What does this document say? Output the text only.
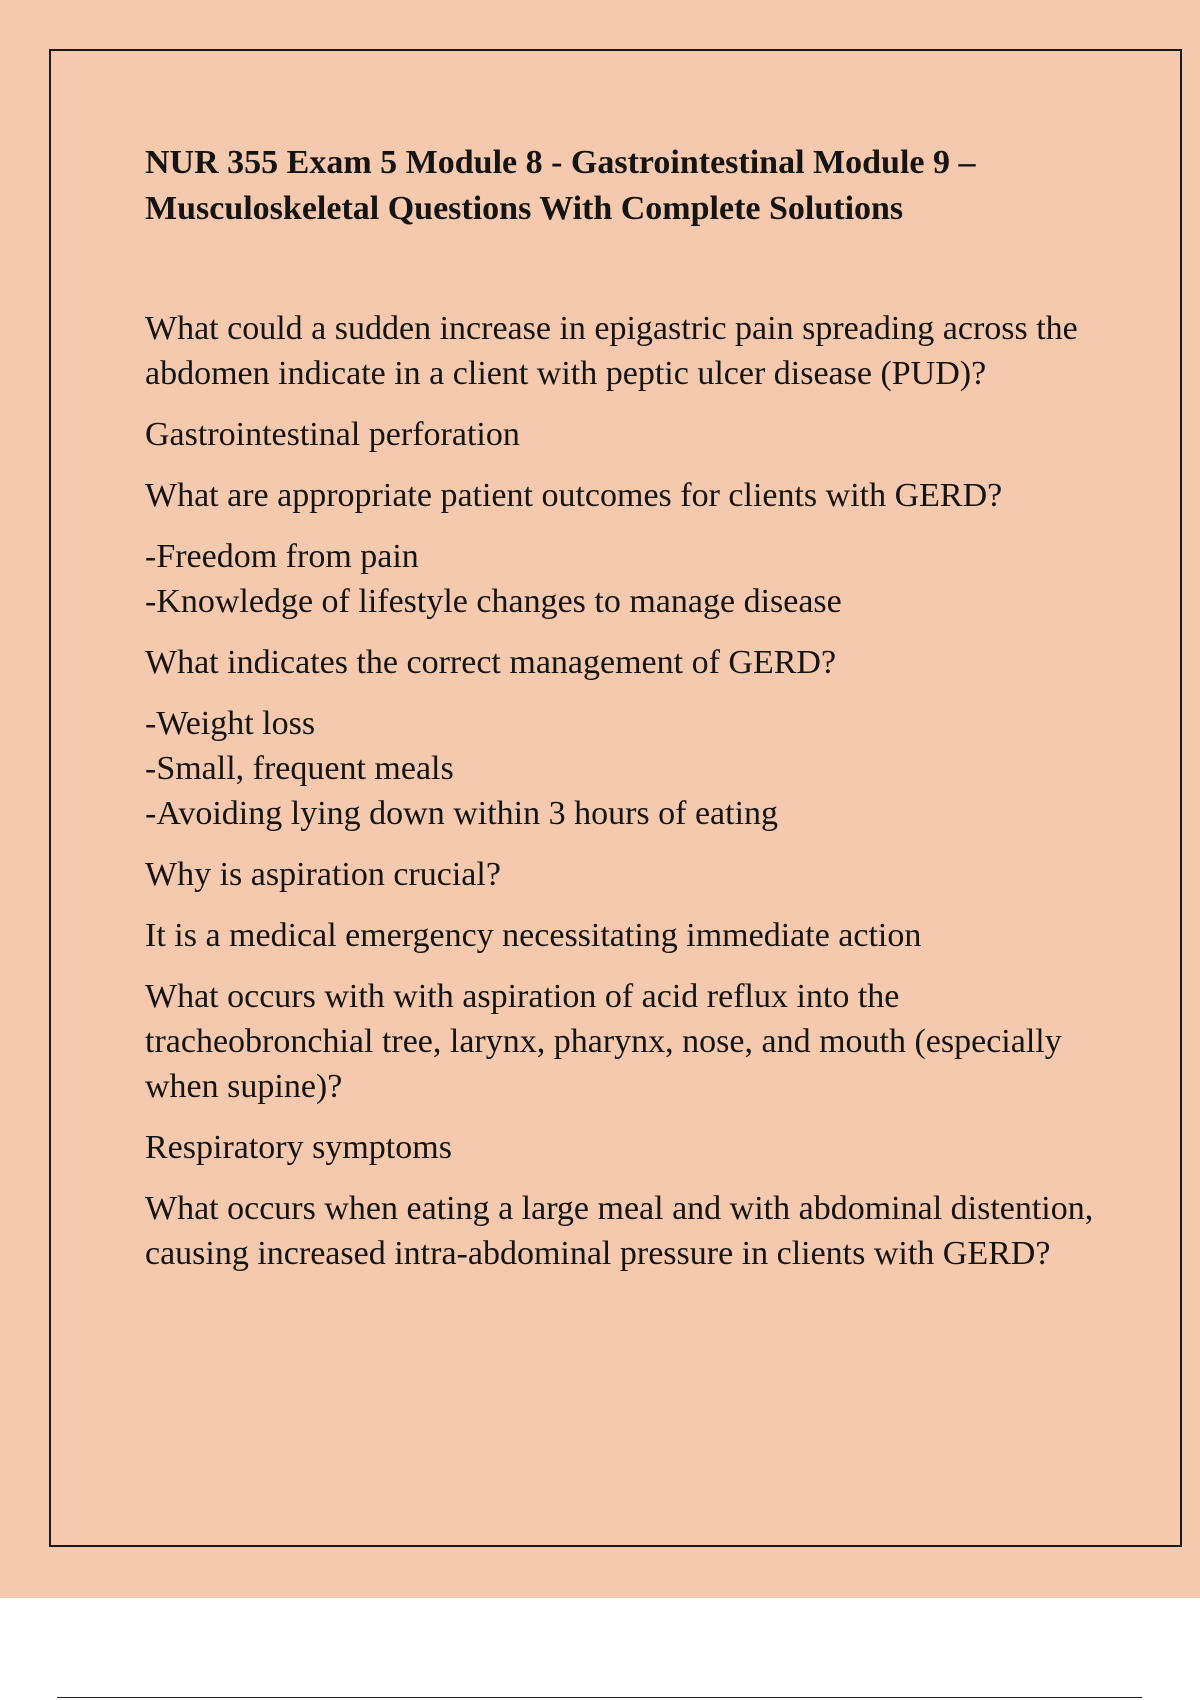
NUR 355 Exam 5 Module 8 - Gastrointestinal Module 9 –
Musculoskeletal Questions With Complete Solutions

What could a sudden increase in epigastric pain spreading across the abdomen indicate in a client with peptic ulcer disease (PUD)?

Gastrointestinal perforation

What are appropriate patient outcomes for clients with GERD?

-Freedom from pain
-Knowledge of lifestyle changes to manage disease

What indicates the correct management of GERD?

-Weight loss
-Small, frequent meals
-Avoiding lying down within 3 hours of eating

Why is aspiration crucial?

It is a medical emergency necessitating immediate action

What occurs with with aspiration of acid reflux into the tracheobronchial tree, larynx, pharynx, nose, and mouth (especially when supine)?

Respiratory symptoms

What occurs when eating a large meal and with abdominal distention, causing increased intra-abdominal pressure in clients with GERD?
